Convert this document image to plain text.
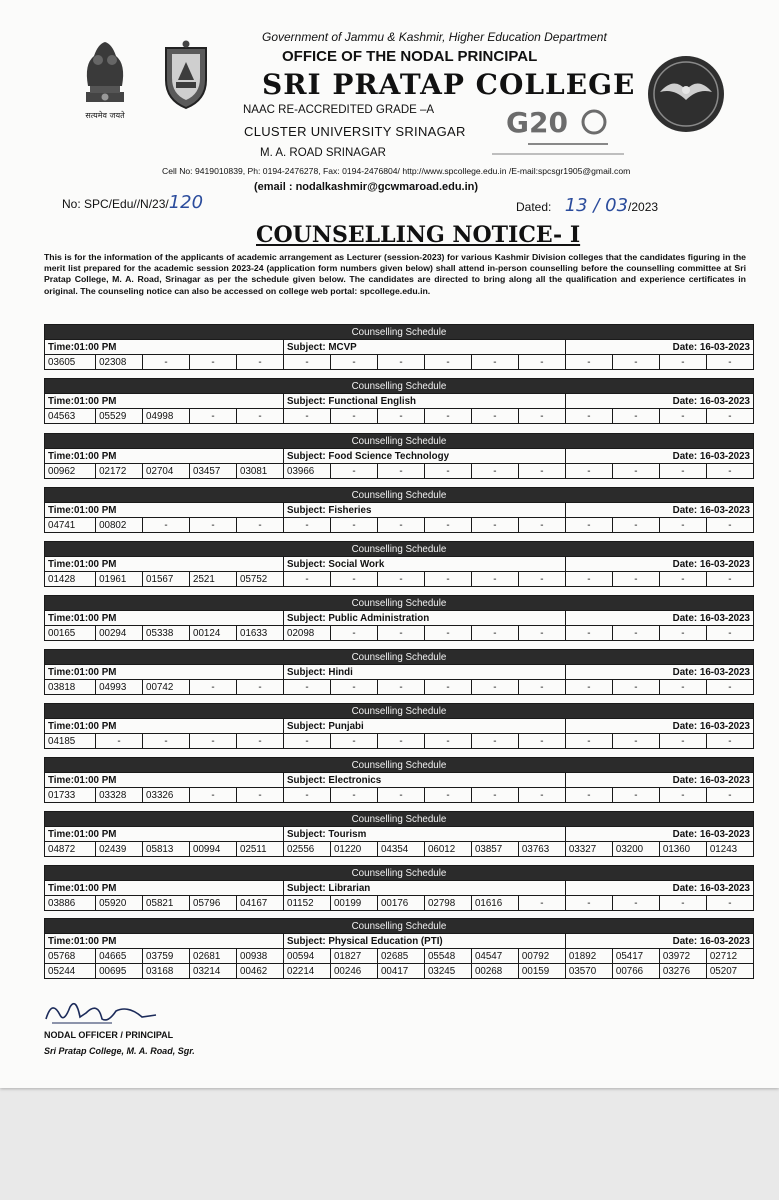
सत्यमेव जयते
Government of Jammu & Kashmir, Higher Education Department
OFFICE OF THE NODAL PRINCIPAL
SRI PRATAP COLLEGE
NAAC RE-ACCREDITED GRADE –A
CLUSTER UNIVERSITY SRINAGAR
M. A. ROAD SRINAGAR
G20
Cell No: 9419010839, Ph: 0194-2476278, Fax: 0194-2476804/ http://www.spcollege.edu.in /E-mail:spcsgr1905@gmail.com
(email : nodalkashmir@gcwmaroad.edu.in)
No: SPC/Edu//N/23/120	Dated: 13 / 03/2023
COUNSELLING NOTICE- I

This is for the information of the applicants of academic arrangement as Lecturer (session-2023) for various Kashmir Division colleges that the candidates figuring in the merit list prepared for the academic session 2023-24 (application form numbers given below) shall attend in-person counselling before the counselling committee at Sri Pratap College, M. A. Road, Srinagar as per the schedule given below. The candidates are directed to bring along all the qualification and experience certificates in original. The counseling notice can also be accessed on college web portal: spcollege.edu.in.

Counselling Schedule														
Time:01:00 PM					Subject: MCVP						Date: 16-03-2023			
03605	02308	-	-	-	-	-	-	-	-	-	-	-	-	-
Counselling Schedule														
Time:01:00 PM					Subject: Functional English						Date: 16-03-2023			
04563	05529	04998	-	-	-	-	-	-	-	-	-	-	-	-
Counselling Schedule														
Time:01:00 PM					Subject: Food Science Technology						Date: 16-03-2023			
00962	02172	02704	03457	03081	03966	-	-	-	-	-	-	-	-	-
Counselling Schedule														
Time:01:00 PM					Subject: Fisheries						Date: 16-03-2023			
04741	00802	-	-	-	-	-	-	-	-	-	-	-	-	-
Counselling Schedule														
Time:01:00 PM					Subject: Social Work						Date: 16-03-2023			
01428	01961	01567	2521	05752	-	-	-	-	-	-	-	-	-	-
Counselling Schedule														
Time:01:00 PM					Subject: Public Administration						Date: 16-03-2023			
00165	00294	05338	00124	01633	02098	-	-	-	-	-	-	-	-	-
Counselling Schedule														
Time:01:00 PM					Subject: Hindi						Date: 16-03-2023			
03818	04993	00742	-	-	-	-	-	-	-	-	-	-	-	-
Counselling Schedule														
Time:01:00 PM					Subject: Punjabi						Date: 16-03-2023			
04185	-	-	-	-	-	-	-	-	-	-	-	-	-	-
Counselling Schedule														
Time:01:00 PM					Subject: Electronics						Date: 16-03-2023			
01733	03328	03326	-	-	-	-	-	-	-	-	-	-	-	-
Counselling Schedule														
Time:01:00 PM					Subject: Tourism						Date: 16-03-2023			
04872	02439	05813	00994	02511	02556	01220	04354	06012	03857	03763	03327	03200	01360	01243
Counselling Schedule														
Time:01:00 PM					Subject: Librarian						Date: 16-03-2023			
03886	05920	05821	05796	04167	01152	00199	00176	02798	01616	-	-	-	-	-
Counselling Schedule														
Time:01:00 PM					Subject: Physical Education (PTI)						Date: 16-03-2023			
05768	04665	03759	02681	00938	00594	01827	02685	05548	04547	00792	01892	05417	03972	02712
05244	00695	03168	03214	00462	02214	00246	00417	03245	00268	00159	03570	00766	03276	05207
NODAL OFFICER / PRINCIPAL
Sri Pratap College, M. A. Road, Sgr.
